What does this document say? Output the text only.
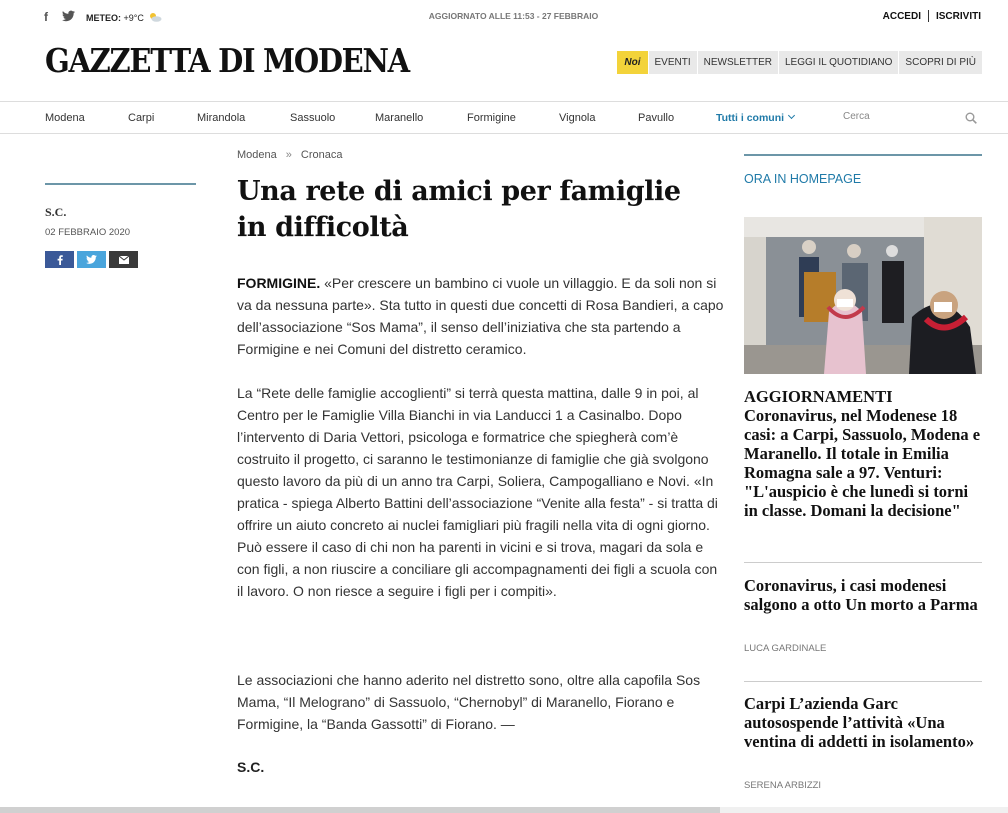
f	METEO: +9°C	AGGIORNATO ALLE 11:53 - 27 FEBBRAIO	ACCEDI ISCRIVITI
GAZZETTA DI MODENA	Noi	EVENTI	NEWSLETTER	LEGGI IL QUOTIDIANO	SCOPRI DI PIÙ
Modena	Carpi	Mirandola	Sassuolo	Maranello	Formigine	Vignola	Pavullo	Tutti i comuni	Cerca
S.C.
02 FEBBRAIO 2020
Modena » Cronaca
Una rete di amici per famiglie in difficoltà

FORMIGINE. «Per crescere un bambino ci vuole un villaggio. E da soli non si va da nessuna parte». Sta tutto in questi due concetti di Rosa Bandieri, a capo dell’associazione “Sos Mama”, il senso dell’iniziativa che sta partendo a Formigine e nei Comuni del distretto ceramico.

La “Rete delle famiglie accoglienti” si terrà questa mattina, dalle 9 in poi, al Centro per le Famiglie Villa Bianchi in via Landucci 1 a Casinalbo. Dopo l’intervento di Daria Vettori, psicologa e formatrice che spiegherà com’è costruito il progetto, ci saranno le testimonianze di famiglie che già svolgono questo lavoro da più di un anno tra Carpi, Soliera, Campogalliano e Novi. «In pratica - spiega Alberto Battini dell’associazione “Venite alla festa” - si tratta di offrire un aiuto concreto ai nuclei famigliari più fragili nella vita di ogni giorno. Può essere il caso di chi non ha parenti in vicini e si trova, magari da sola e con figli, a non riuscire a conciliare gli accompagnamenti dei figli a scuola con il lavoro. O non riesce a seguire i figli per i compiti».

Le associazioni che hanno aderito nel distretto sono, oltre alla capofila Sos Mama, “Il Melograno” di Sassuolo, “Chernobyl” di Maranello, Fiorano e Formigine, la “Banda Gassotti” di Fiorano. —

S.C.
ORA IN HOMEPAGE
AGGIORNAMENTI Coronavirus, nel Modenese 18 casi: a Carpi, Sassuolo, Modena e Maranello. Il totale in Emilia Romagna sale a 97. Venturi: "L'auspicio è che lunedì si torni in classe. Domani la decisione"
Coronavirus, i casi modenesi salgono a otto Un morto a Parma
LUCA GARDINALE
Carpi L’azienda Garc autosospende l’attività «Una ventina di addetti in isolamento»
SERENA ARBIZZI
